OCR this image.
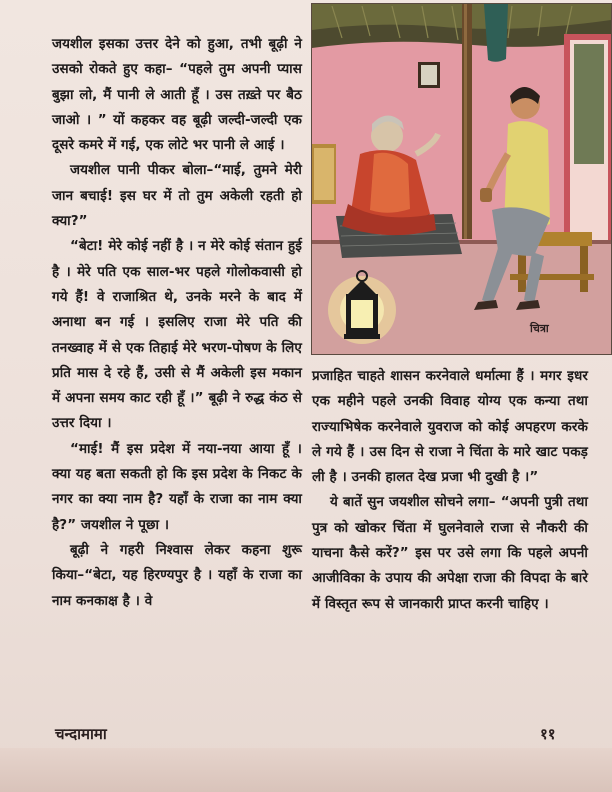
जयशील इसका उत्तर देने को हुआ, तभी बूढ़ी ने उसको रोकते हुए कहा– “पहले तुम अपनी प्यास बुझा लो, मैं पानी ले आती हूँ । उस तख़्ते पर बैठ जाओ । ” यों कहकर वह बूढ़ी जल्दी-जल्दी एक दूसरे कमरे में गई, एक लोटे भर पानी ले आई ।

जयशील पानी पीकर बोला–“माई, तुमने मेरी जान बचाई! इस घर में तो तुम अकेली रहती हो क्या?”

“बेटा! मेरे कोई नहीं है । न मेरे कोई संतान हुई है । मेरे पति एक साल-भर पहले गोलोकवासी हो गये हैं! वे राजाश्रित थे, उनके मरने के बाद में अनाथा बन गई । इसलिए राजा मेरे पति की तनख्वाह में से एक तिहाई मेरे भरण-पोषण के लिए प्रति मास दे रहे हैं, उसी से मैं अकेली इस मकान में अपना समय काट रही हूँ ।” बूढ़ी ने रुद्ध कंठ से उत्तर दिया ।

“माई! मैं इस प्रदेश में नया-नया आया हूँ । क्या यह बता सकती हो कि इस प्रदेश के निकट के नगर का क्या नाम है? यहाँ के राजा का नाम क्या है?” जयशील ने पूछा ।

बूढ़ी ने गहरी निश्वास लेकर कहना शुरू किया–“बेटा, यह हिरण्यपुर है । यहाँ के राजा का नाम कनकाक्ष है । वे

चित्रा

प्रजाहित चाहते शासन करनेवाले धर्मात्मा हैं । मगर इधर एक महीने पहले उनकी विवाह योग्य एक कन्या तथा राज्याभिषेक करनेवाले युवराज को कोई अपहरण करके ले गये हैं । उस दिन से राजा ने चिंता के मारे खाट पकड़ ली है । उनकी हालत देख प्रजा भी दुखी है ।”

ये बातें सुन जयशील सोचने लगा– “अपनी पुत्री तथा पुत्र को खोकर चिंता में घुलनेवाले राजा से नौकरी की याचना कैसे करें?” इस पर उसे लगा कि पहले अपनी आजीविका के उपाय की अपेक्षा राजा की विपदा के बारे में विस्तृत रूप से जानकारी प्राप्त करनी चाहिए ।

चन्दामामा	११
